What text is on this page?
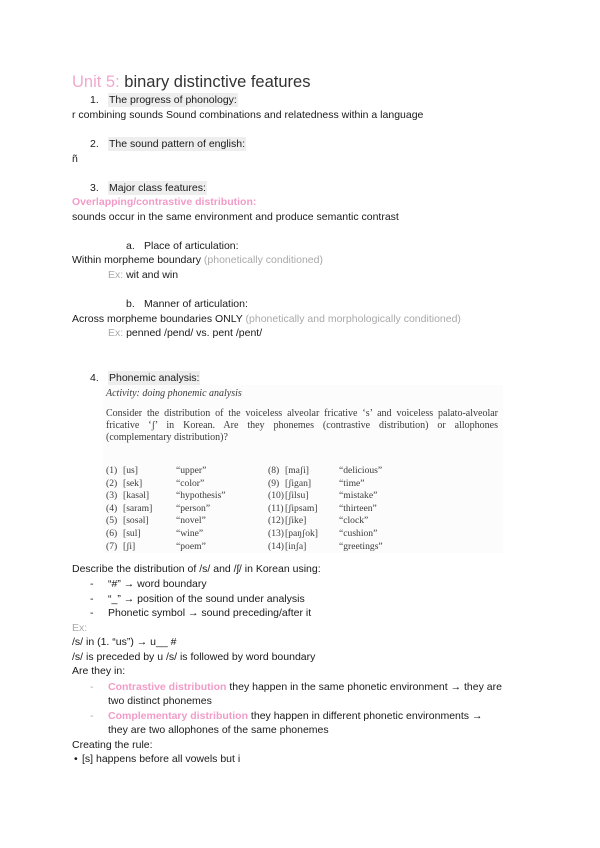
Unit 5: binary distinctive features
1. The progress of phonology:
r combining sounds Sound combinations and relatedness within a language
2. The sound pattern of english:
ñ
3. Major class features:
Overlapping/contrastive distribution:
sounds occur in the same environment and produce semantic contrast
a. Place of articulation:
Within morpheme boundary (phonetically conditioned)
Ex: wit and win
b. Manner of articulation:
Across morpheme boundaries ONLY (phonetically and morphologically conditioned)
Ex: penned /pend/ vs. pent /pent/
4. Phonemic analysis:
Activity: doing phonemic analysis
Consider the distribution of the voiceless alveolar fricative ‘s’ and voiceless palato-alveolar fricative ‘ʃ’ in Korean. Are they phonemes (contrastive distribution) or allophones (complementary distribution)?
(1) [us]	“upper”
(2) [sek]	“color”
(3) [kasəl]	“hypothesis”
(4) [saram] “person”
(5) [sosəl]	“novel”
(6) [sul]	“wine”
(7) [ʃi]	“poem”
(8) [maʃi]	“delicious”
(9) [ʃigan]	“time”
(10) [ʃilsu]	“mistake”
(11) [ʃipsam] “thirteen”
(12) [ʃike]	“clock”
(13) [paŋʃok] “cushion”
(14) [inʃa]	“greetings”
Describe the distribution of /s/ and /ʃ/ in Korean using:
- “#” → word boundary
- “_” → position of the sound under analysis
- Phonetic symbol → sound preceding/after it
Ex:
/s/ in (1. “us”) → u__ #
/s/ is preceded by u /s/ is followed by word boundary
Are they in:
- Contrastive distribution they happen in the same phonetic environment → they are
two distinct phonemes
- Complementary distribution they happen in different phonetic environments →
they are two allophones of the same phonemes
Creating the rule:
• [s] happens before all vowels but i
